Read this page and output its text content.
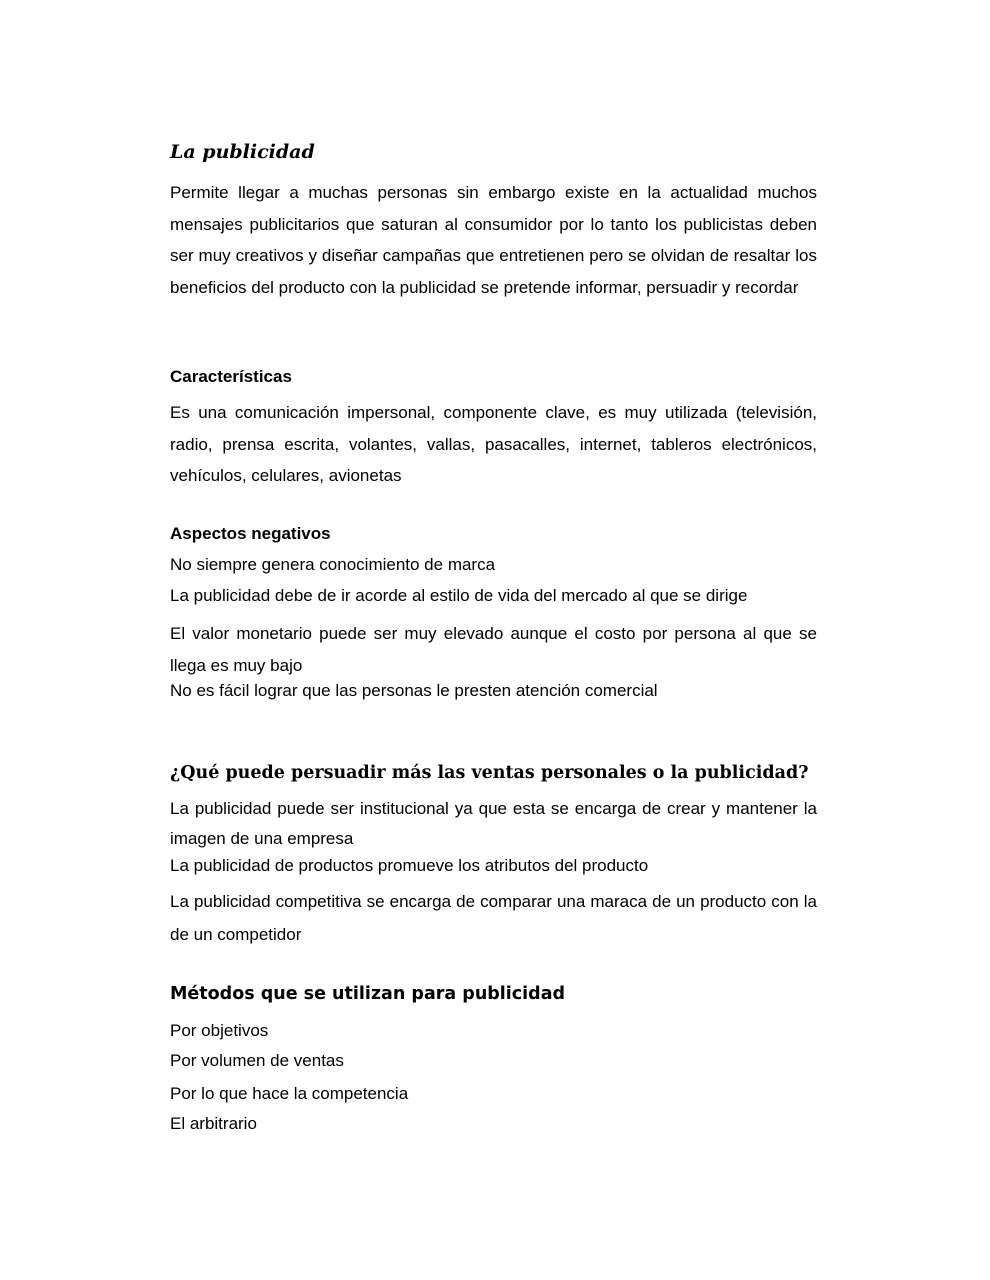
La publicidad

Permite llegar a muchas personas sin embargo existe en la actualidad muchos mensajes publicitarios que saturan al consumidor por lo tanto los publicistas deben ser muy creativos y diseñar campañas que entretienen pero se olvidan de resaltar los beneficios del producto con la publicidad se pretende informar, persuadir y recordar

Características

Es una comunicación impersonal, componente clave, es muy utilizada (televisión, radio, prensa escrita, volantes, vallas, pasacalles, internet, tableros electrónicos, vehículos, celulares, avionetas

Aspectos negativos

No siempre genera conocimiento de marca

La publicidad debe de ir acorde al estilo de vida del mercado al que se dirige

El valor monetario puede ser muy elevado aunque el costo por persona al que se llega es muy bajo

No es fácil lograr que las personas le presten atención comercial

¿Qué puede persuadir más las ventas personales o la publicidad?

La publicidad puede ser institucional ya que esta se encarga de crear y mantener la imagen de una empresa

La publicidad de productos promueve los atributos del producto

La publicidad competitiva se encarga de comparar una maraca de un producto con la de un competidor

Métodos que se utilizan para publicidad

Por objetivos

Por volumen de ventas

Por lo que hace la competencia

El arbitrario
